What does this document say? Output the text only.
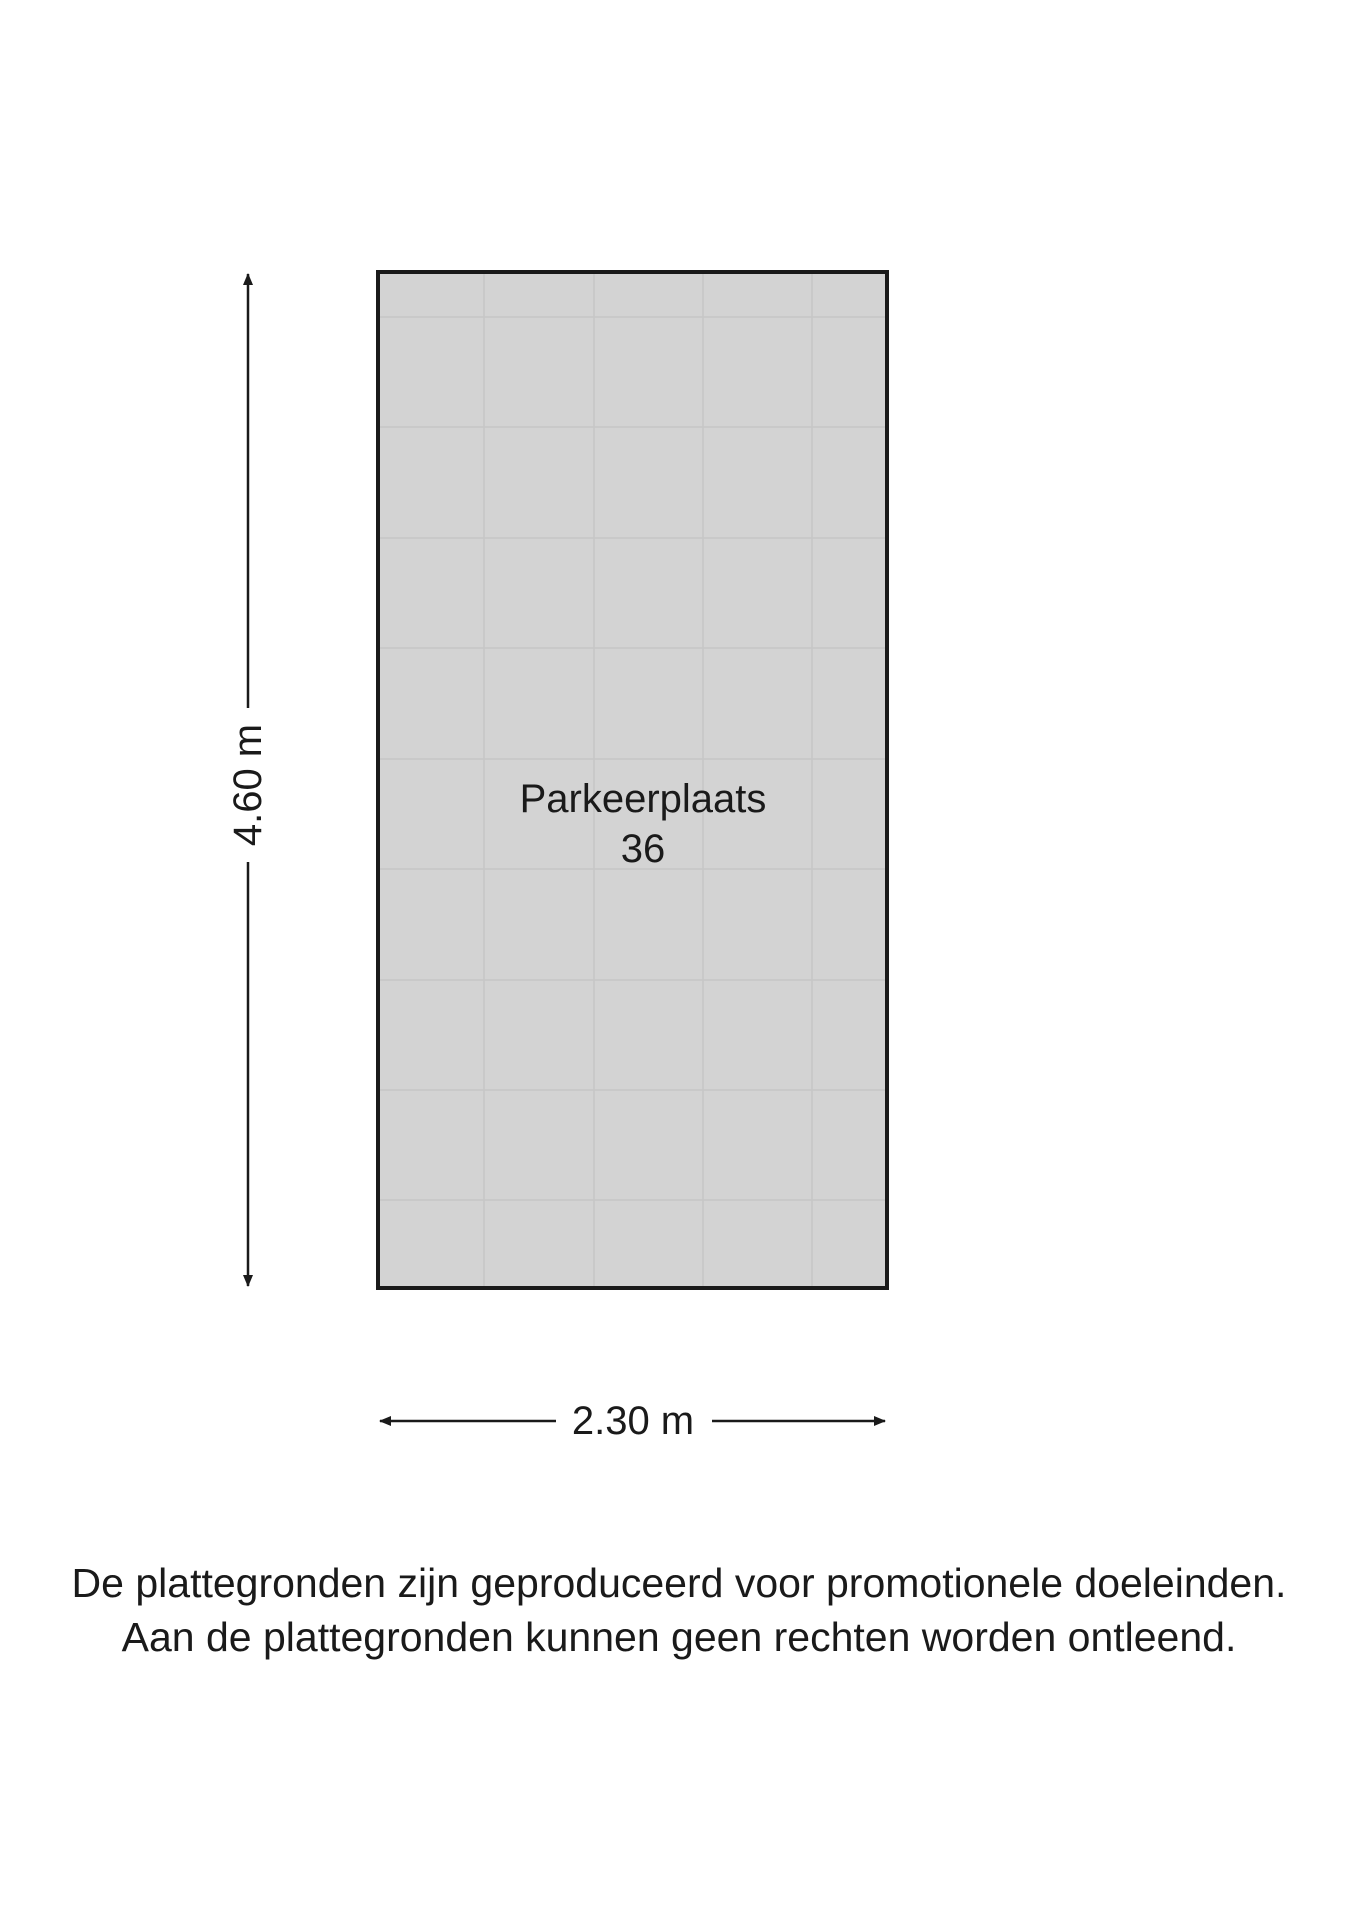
Parkeerplaats
36
4.60 m
2.30 m
De plattegronden zijn geproduceerd voor promotionele doeleinden.
Aan de plattegronden kunnen geen rechten worden ontleend.
